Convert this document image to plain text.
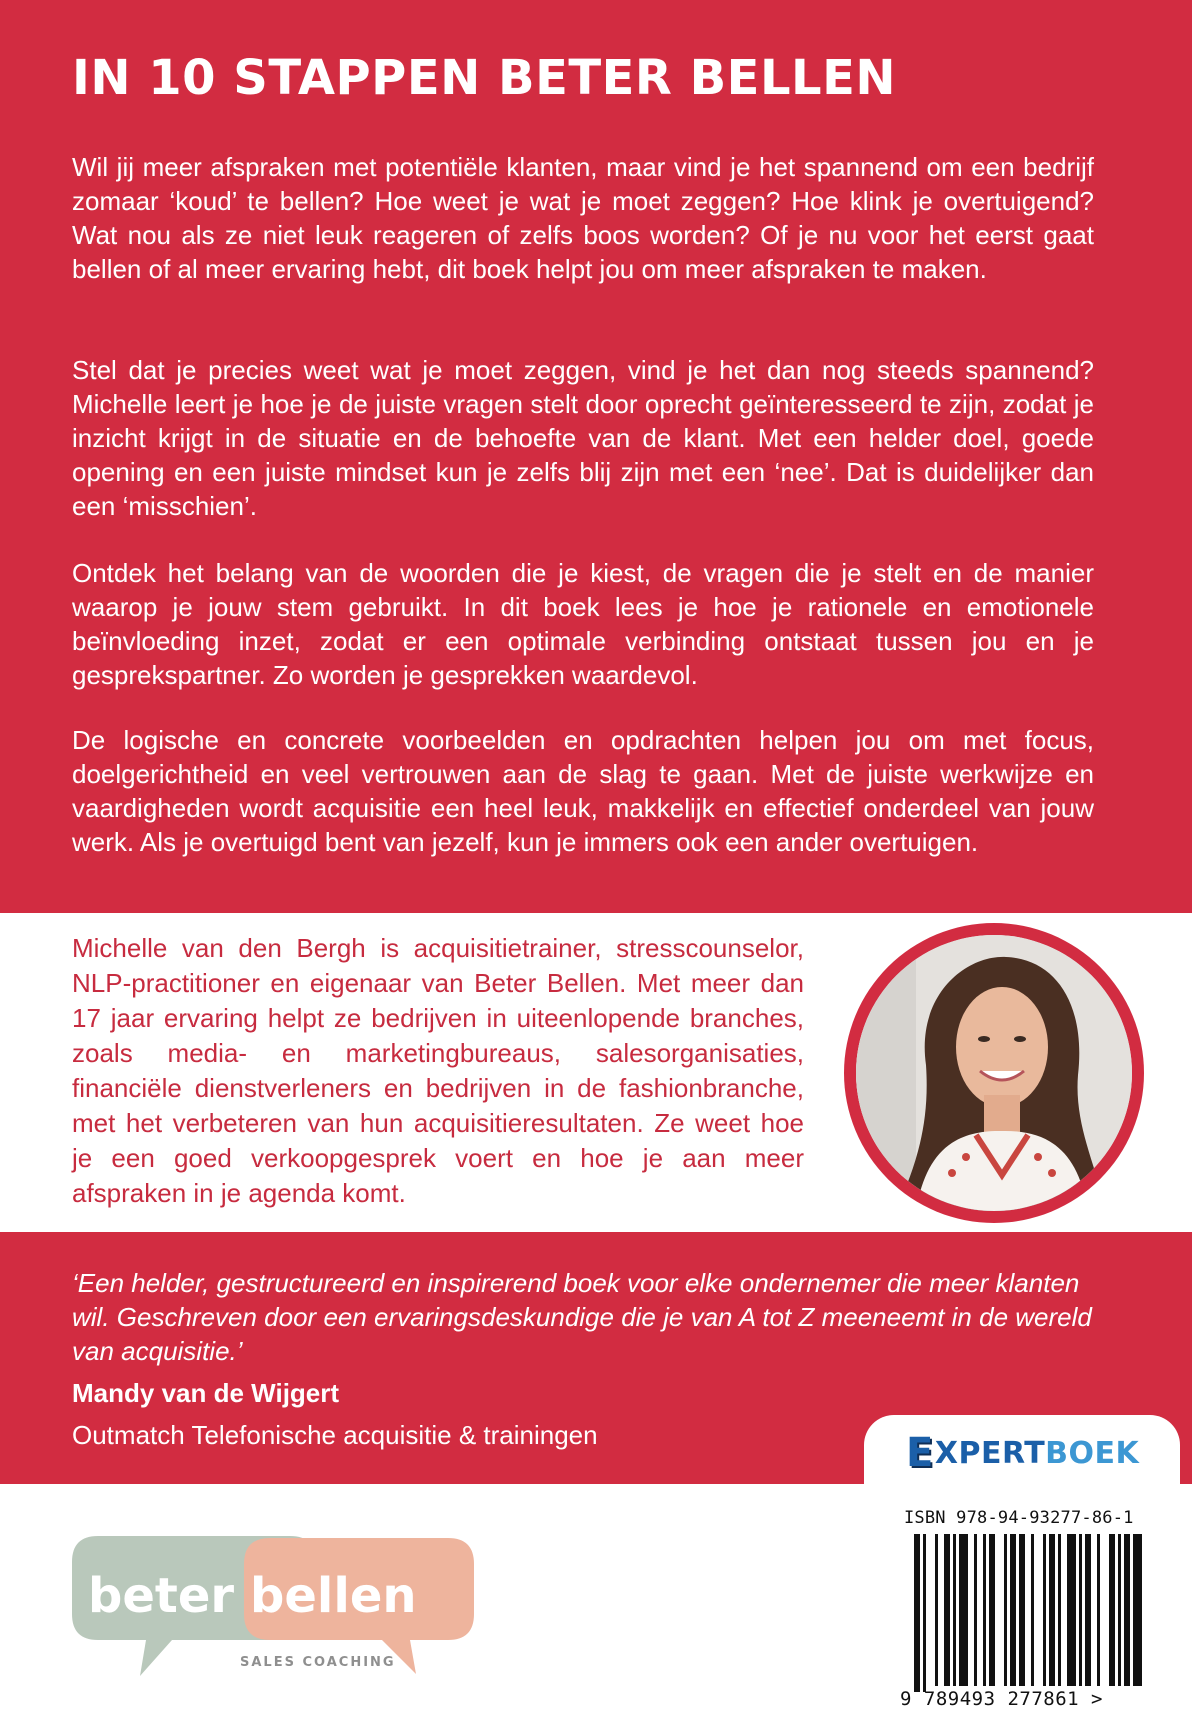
IN 10 STAPPEN BETER BELLEN

Wil jij meer afspraken met potentiële klanten, maar vind je het spannend om een bedrijf zomaar ‘koud’ te bellen? Hoe weet je wat je moet zeggen? Hoe klink je overtuigend? Wat nou als ze niet leuk reageren of zelfs boos worden? Of je nu voor het eerst gaat bellen of al meer ervaring hebt, dit boek helpt jou om meer afspraken te maken.

Stel dat je precies weet wat je moet zeggen, vind je het dan nog steeds spannend? Michelle leert je hoe je de juiste vragen stelt door oprecht geïnteresseerd te zijn, zodat je inzicht krijgt in de situatie en de behoefte van de klant. Met een helder doel, goede opening en een juiste mindset kun je zelfs blij zijn met een ‘nee’. Dat is duidelijker dan een ‘misschien’.

Ontdek het belang van de woorden die je kiest, de vragen die je stelt en de manier waarop je jouw stem gebruikt. In dit boek lees je hoe je rationele en emotionele beïnvloeding inzet, zodat er een optimale verbinding ontstaat tussen jou en je gesprekspartner. Zo worden je gesprekken waardevol.

De logische en concrete voorbeelden en opdrachten helpen jou om met focus, doelgerichtheid en veel vertrouwen aan de slag te gaan. Met de juiste werkwijze en vaardigheden wordt acquisitie een heel leuk, makkelijk en effectief onderdeel van jouw werk. Als je overtuigd bent van jezelf, kun je immers ook een ander overtuigen.

Michelle van den Bergh is acquisitietrainer, stresscounselor, NLP-practitioner en eigenaar van Beter Bellen. Met meer dan 17 jaar ervaring helpt ze bedrijven in uiteenlopende branches, zoals media- en marketingbureaus, salesorganisaties, financiële dienstverleners en bedrijven in de fashionbranche, met het verbeteren van hun acquisitieresultaten. Ze weet hoe je een goed verkoopgesprek voert en hoe je aan meer afspraken in je agenda komt.

‘Een helder, gestructureerd en inspirerend boek voor elke ondernemer die meer klanten wil. Geschreven door een ervaringsdeskundige die je van A tot Z meeneemt in de wereld van acquisitie.’

Mandy van de Wijgert
Outmatch Telefonische acquisitie & trainingen	E XPERT BOEK
beter bellen
SALES COACHING
ISBN 978-94-93277-86-1
9 789493 277861 >
